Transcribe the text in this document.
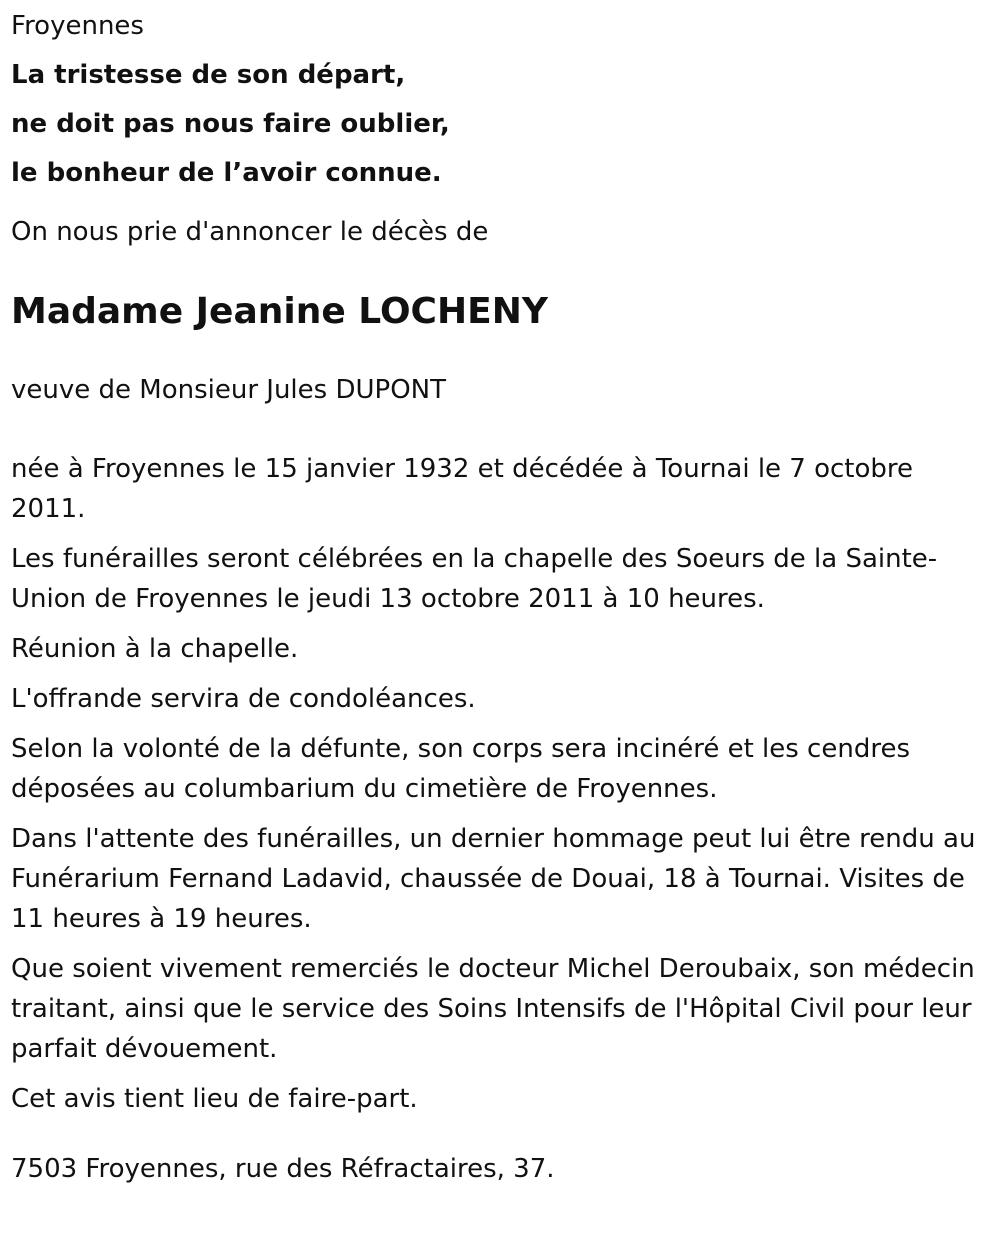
Froyennes

La tristesse de son départ,

ne doit pas nous faire oublier,

le bonheur de l’avoir connue.

On nous prie d'annoncer le décès de

Madame Jeanine LOCHENY

veuve de Monsieur Jules DUPONT

née à Froyennes le 15 janvier 1932 et décédée à Tournai le 7 octobre 2011.

Les funérailles seront célébrées en la chapelle des Soeurs de la Sainte-Union de Froyennes le jeudi 13 octobre 2011 à 10 heures.

Réunion à la chapelle.

L'offrande servira de condoléances.

Selon la volonté de la défunte, son corps sera incinéré et les cendres déposées au columbarium du cimetière de Froyennes.

Dans l'attente des funérailles, un dernier hommage peut lui être rendu au Funérarium Fernand Ladavid, chaussée de Douai, 18 à Tournai. Visites de 11 heures à 19 heures.

Que soient vivement remerciés le docteur Michel Deroubaix, son médecin traitant, ainsi que le service des Soins Intensifs de l'Hôpital Civil pour leur parfait dévouement.

Cet avis tient lieu de faire-part.

7503 Froyennes, rue des Réfractaires, 37.
